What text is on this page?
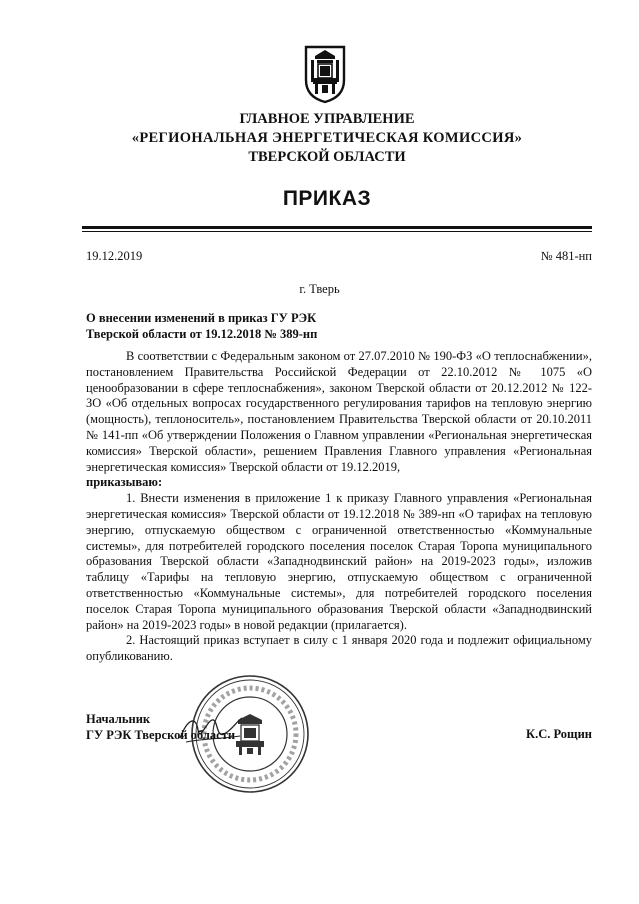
ГЛАВНОЕ УПРАВЛЕНИЕ

«РЕГИОНАЛЬНАЯ ЭНЕРГЕТИЧЕСКАЯ КОМИССИЯ»

ТВЕРСКОЙ ОБЛАСТИ

ПРИКАЗ
19.12.2019	№ 481-нп
г. Тверь
О внесении изменений в приказ ГУ РЭК
Тверской области от 19.12.2018 № 389-нп

В соответствии с Федеральным законом от 27.07.2010 № 190-ФЗ «О теплоснабжении», постановлением Правительства Российской Федерации от 22.10.2012 № 1075 «О ценообразовании в сфере теплоснабжения», законом Тверской области от 20.12.2012 № 122-ЗО «Об отдельных вопросах государственного регулирования тарифов на тепловую энергию (мощность), теплоноситель», постановлением Правительства Тверской области от 20.10.2011 № 141-пп «Об утверждении Положения о Главном управлении «Региональная энергетическая комиссия» Тверской области», решением Правления Главного управления «Региональная энергетическая комиссия» Тверской области от 19.12.2019,

приказываю:

1. Внести изменения в приложение 1 к приказу Главного управления «Региональная энергетическая комиссия» Тверской области от 19.12.2018 № 389-нп «О тарифах на тепловую энергию, отпускаемую обществом с ограниченной ответственностью «Коммунальные системы», для потребителей городского поселения поселок Старая Торопа муниципального образования Тверской области «Западнодвинский район» на 2019-2023 годы», изложив таблицу «Тарифы на тепловую энергию, отпускаемую обществом с ограниченной ответственностью «Коммунальные системы», для потребителей городского поселения поселок Старая Торопа муниципального образования Тверской области «Западнодвинский район» на 2019-2023 годы» в новой редакции (прилагается).

2. Настоящий приказ вступает в силу с 1 января 2020 года и подлежит официальному опубликованию.

Начальник
ГУ РЭК Тверской области	К.С. Рощин
